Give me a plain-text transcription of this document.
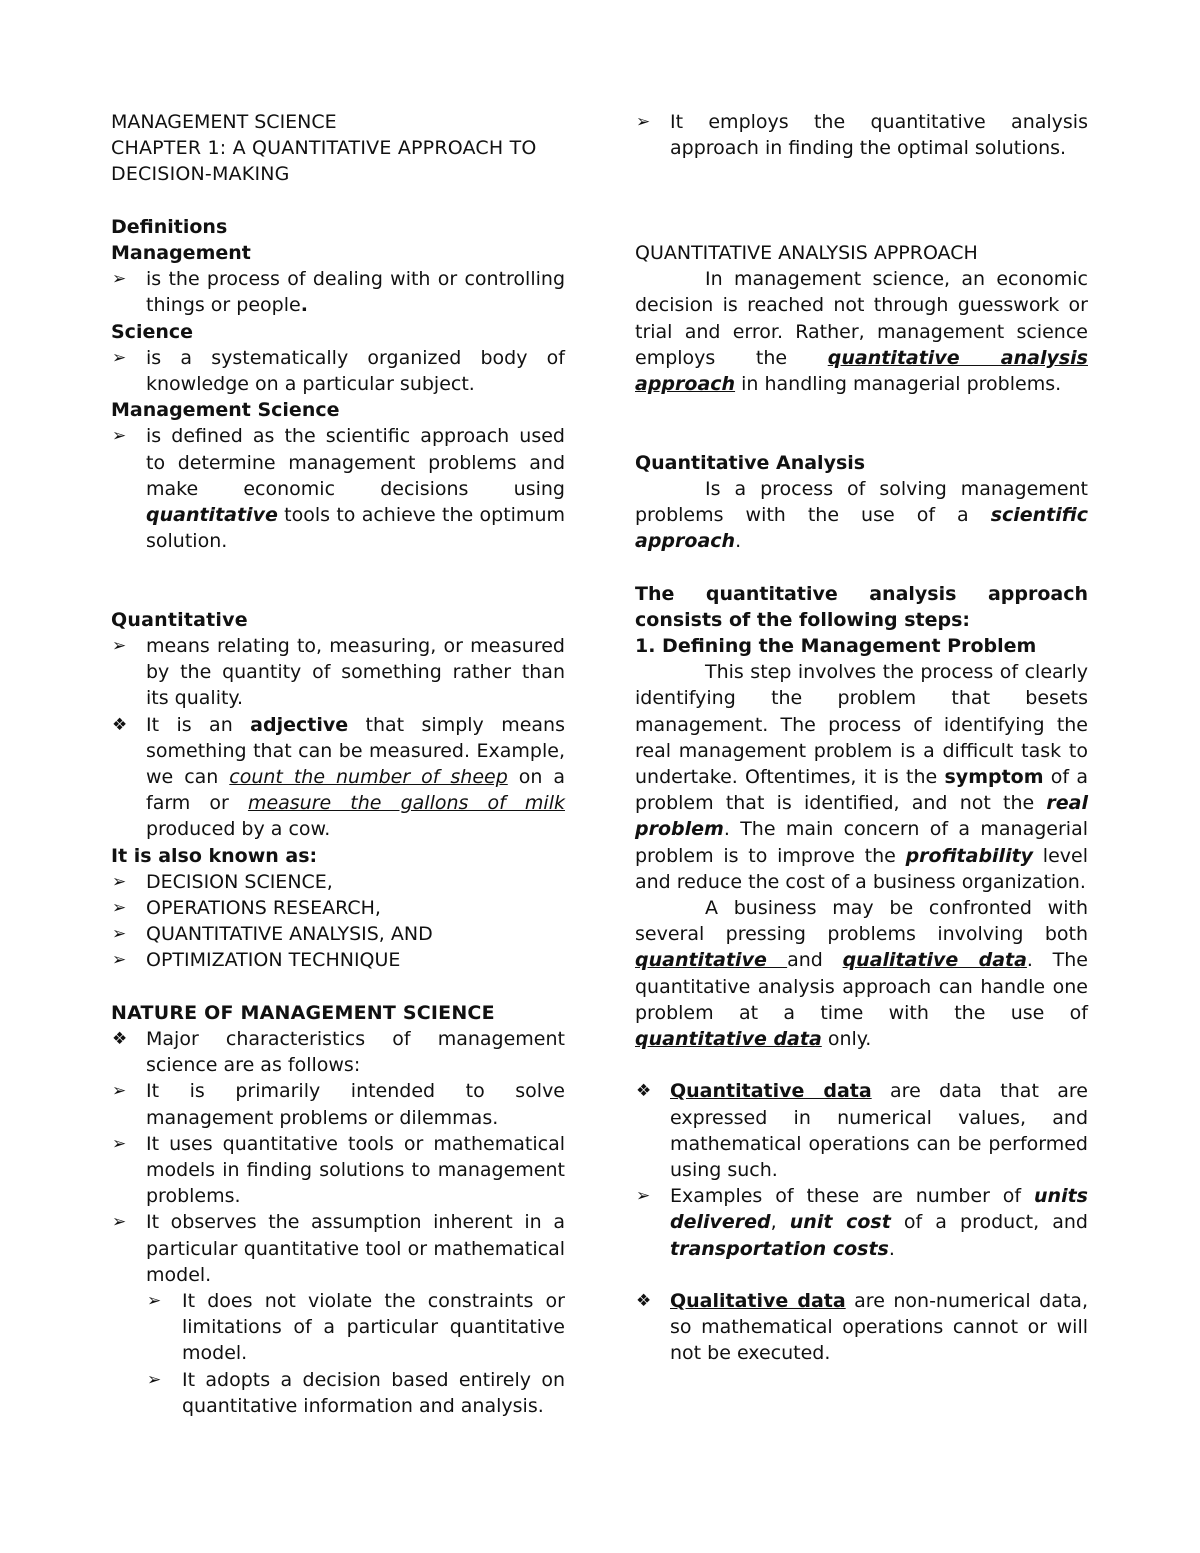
MANAGEMENT SCIENCE

CHAPTER 1: A QUANTITATIVE APPROACH TO DECISION-MAKING

Definitions

Management

➢	is the process of dealing with or controlling things or people.

Science

➢	is a systematically organized body of knowledge on a particular subject.

Management Science

➢	is defined as the scientific approach used to determine management problems and make economic decisions using quantitative tools to achieve the optimum solution.

Quantitative

➢	means relating to, measuring, or measured by the quantity of something rather than its quality.
❖ It is an adjective that simply means something that can be measured. Example, we can count the number of sheep on a farm or measure the gallons of milk produced by a cow.

It is also known as:

➢	DECISION SCIENCE,
➢	OPERATIONS RESEARCH,
➢	QUANTITATIVE ANALYSIS, AND
➢	OPTIMIZATION TECHNIQUE

NATURE OF MANAGEMENT SCIENCE

❖ Major characteristics of management science are as follows:
➢	It is primarily intended to solve management problems or dilemmas.
➢	It uses quantitative tools or mathematical models in finding solutions to management problems.
➢	It observes the assumption inherent in a particular quantitative tool or mathematical model.
➢	It does not violate the constraints or limitations of a particular quantitative model.
➢	It adopts a decision based entirely on quantitative information and analysis.
➢	It employs the quantitative analysis approach in finding the optimal solutions.

QUANTITATIVE ANALYSIS APPROACH

In management science, an economic decision is reached not through guesswork or trial and error. Rather, management science employs the quantitative analysis approach in handling managerial problems.

Quantitative Analysis

Is a process of solving management problems with the use of a scientific approach.

The quantitative analysis approach consists of the following steps:

1. Defining the Management Problem

This step involves the process of clearly identifying the problem that besets management. The process of identifying the real management problem is a difficult task to undertake. Oftentimes, it is the symptom of a problem that is identified, and not the real problem. The main concern of a managerial problem is to improve the profitability level and reduce the cost of a business organization.

A business may be confronted with several pressing problems involving both quantitative and qualitative data. The quantitative analysis approach can handle one problem at a time with the use of quantitative data only.

❖ Quantitative data are data that are expressed in numerical values, and mathematical operations can be performed using such.
➢	Examples of these are number of units delivered, unit cost of a product, and transportation costs.
❖ Qualitative data are non-numerical data, so mathematical operations cannot or will not be executed.
